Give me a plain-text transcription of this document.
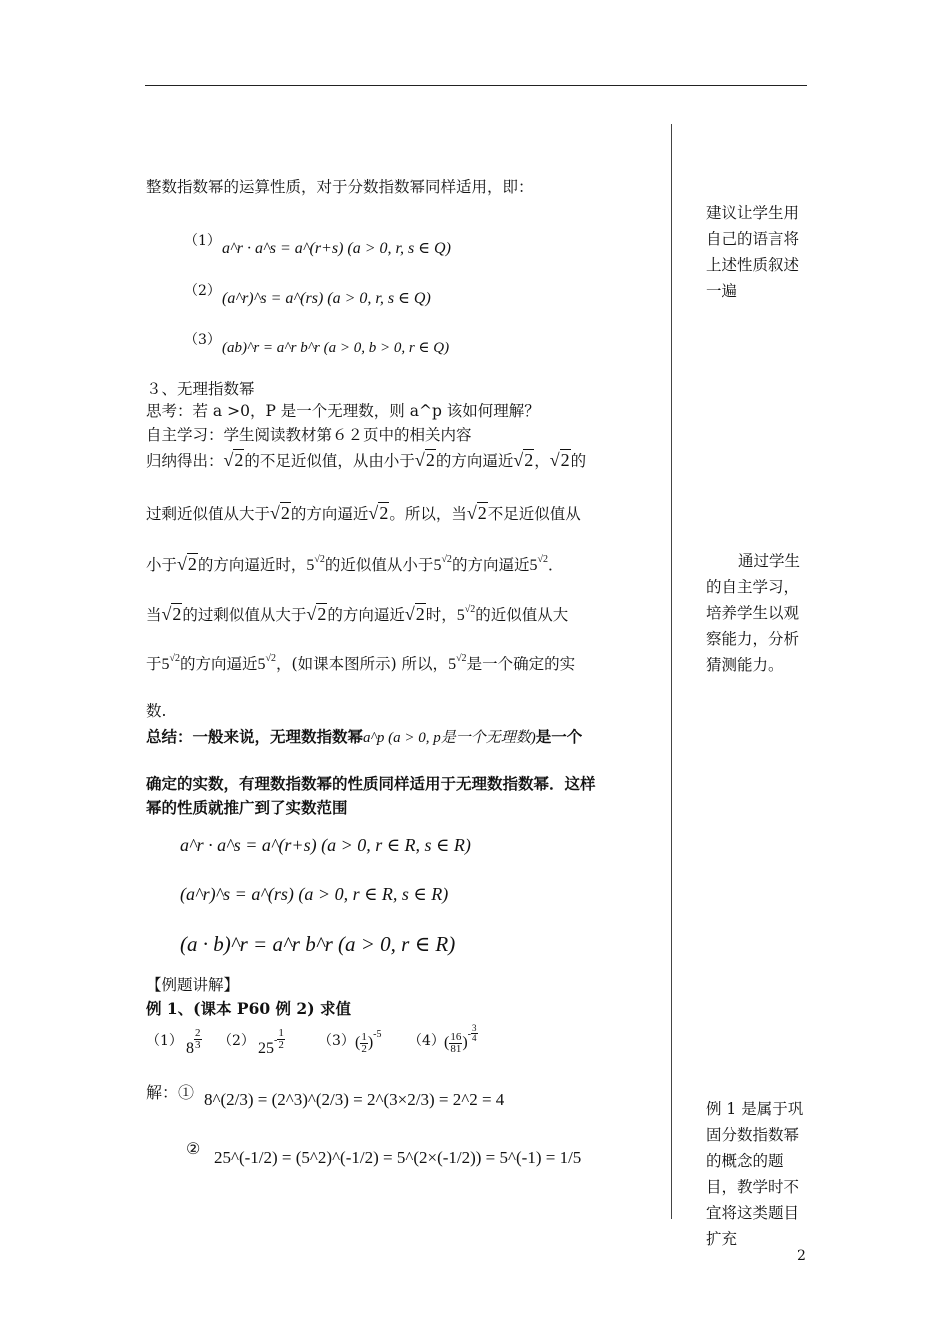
整数指数幂的运算性质，对于分数指数幂同样适用，即：
（1） a^r · a^s = a^(r+s) (a > 0, r, s ∈ Q)
（2） (a^r)^s = a^(rs) (a > 0, r, s ∈ Q)
（3） (ab)^r = a^r b^r (a > 0, b > 0, r ∈ Q)
３、无理指数幂
思考：若 a >0，P 是一个无理数，则 a^p 该如何理解？
自主学习：学生阅读教材第６２页中的相关内容
归纳得出：√2的不足近似值，从由小于√2的方向逼近√2，√2的
过剩近似值从大于√2的方向逼近√2。所以，当√2不足近似值从
小于√2的方向逼近时，$5^{√2}$的近似值从小于$5^{√2}$的方向逼近$5^{√2}$．
当√2的过剩似值从大于√2的方向逼近√2时，$5^{√2}$的近似值从大
于$5^{√2}$的方向逼近$5^{√2}$，(如课本图所示) 所以，$5^{√2}$是一个确定的实
数.
总结：一般来说，无理数指数幂a^p (a > 0, p是一个无理数)是一个
确定的实数，有理数指数幂的性质同样适用于无理数指数幂．这样
幂的性质就推广到了实数范围
a^r · a^s = a^(r+s) (a > 0, r ∈ R, s ∈ R)
(a^r)^s = a^(rs) (a > 0, r ∈ R, s ∈ R)
(a · b)^r = a^r b^r (a > 0, r ∈ R)
【例题讲解】
例 1、(课本 P60 例 2) 求值
（1） $8 \frac{2}{3} (2)$ $25^- \frac{1}{2} (3)$ ( $\frac{1}{2} )^{-5}$ （4） ( $\frac{16}{81} )^- \frac{3}{4}$
解：① 8^(2/3) = (2^3)^(2/3) = 2^(3×2/3) = 2^2 = 4
② 25^(-1/2) = (5^2)^(-1/2) = 5^(2×(-1/2)) = 5^(-1) = 1/5
建议让学生用自己的语言将上述性质叙述一遍
通过学生的自主学习，培养学生以观察能力，分析猜测能力。
例 1 是属于巩固分数指数幂的概念的题目，教学时不宜将这类题目扩充
2
